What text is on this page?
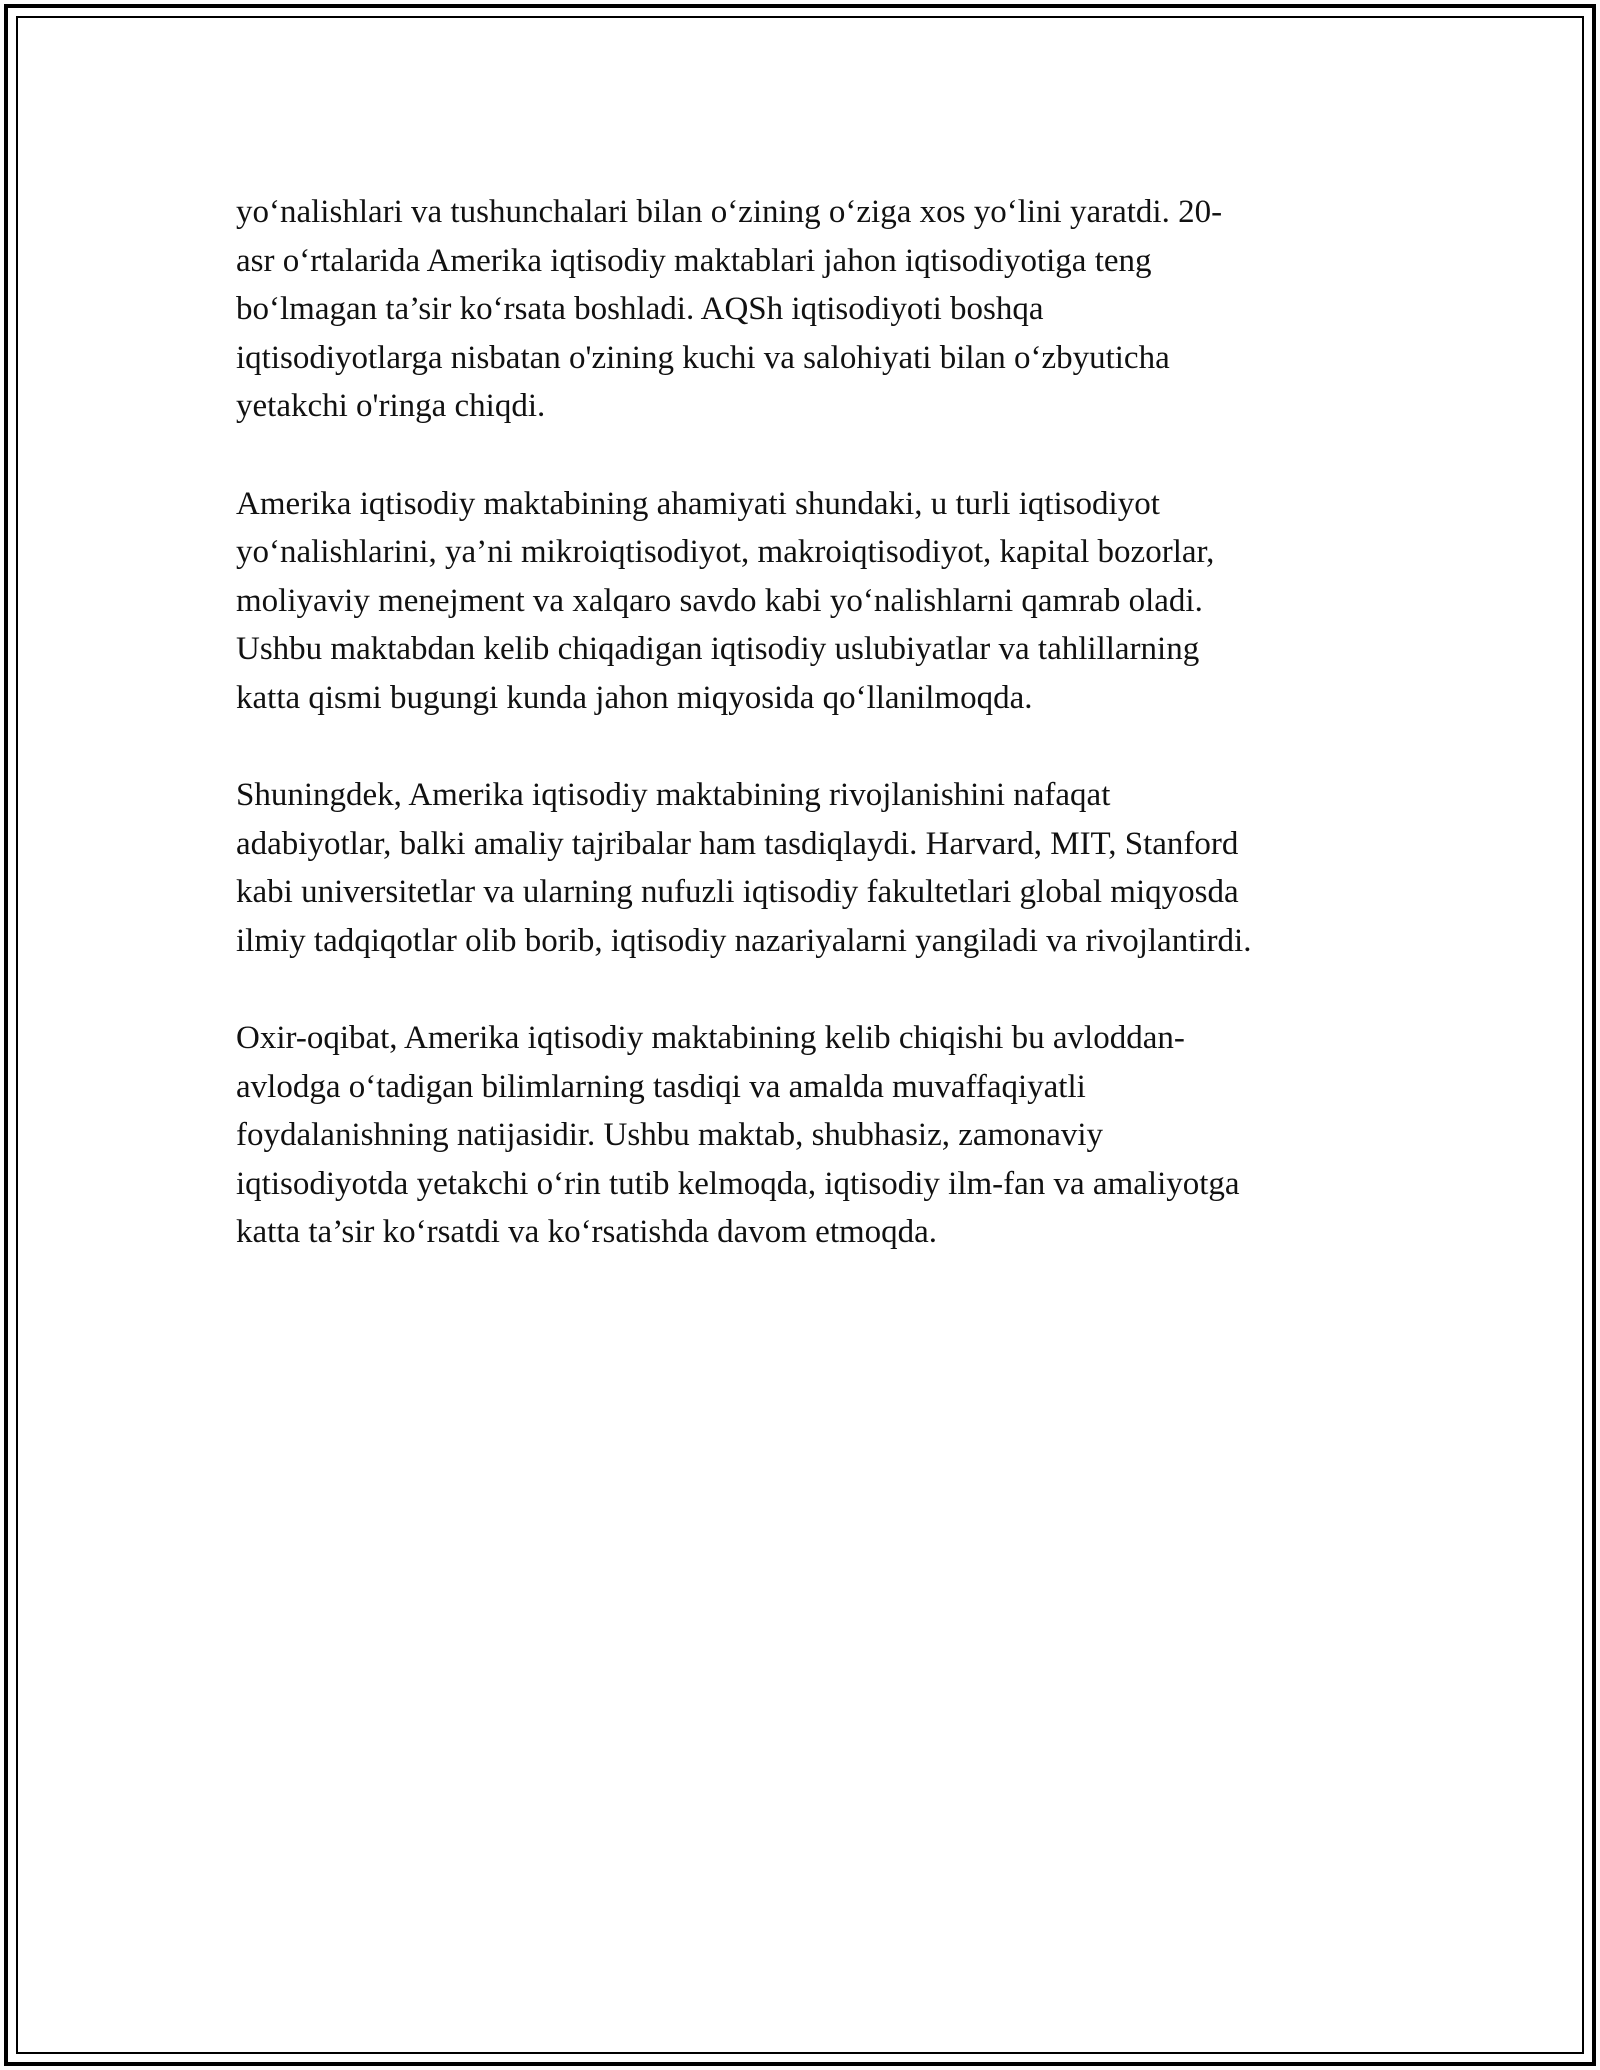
yo‘nalishlari va tushunchalari bilan o‘zining o‘ziga xos yo‘lini yaratdi. 20-
asr o‘rtalarida Amerika iqtisodiy maktablari jahon iqtisodiyotiga teng
bo‘lmagan ta’sir ko‘rsata boshladi. AQSh iqtisodiyoti boshqa
iqtisodiyotlarga nisbatan o'zining kuchi va salohiyati bilan o‘zbyuticha
yetakchi o'ringa chiqdi.

Amerika iqtisodiy maktabining ahamiyati shundaki, u turli iqtisodiyot
yo‘nalishlarini, ya’ni mikroiqtisodiyot, makroiqtisodiyot, kapital bozorlar,
moliyaviy menejment va xalqaro savdo kabi yo‘nalishlarni qamrab oladi.
Ushbu maktabdan kelib chiqadigan iqtisodiy uslubiyatlar va tahlillarning
katta qismi bugungi kunda jahon miqyosida qo‘llanilmoqda.

Shuningdek, Amerika iqtisodiy maktabining rivojlanishini nafaqat
adabiyotlar, balki amaliy tajribalar ham tasdiqlaydi. Harvard, MIT, Stanford
kabi universitetlar va ularning nufuzli iqtisodiy fakultetlari global miqyosda
ilmiy tadqiqotlar olib borib, iqtisodiy nazariyalarni yangiladi va rivojlantirdi.

Oxir-oqibat, Amerika iqtisodiy maktabining kelib chiqishi bu avloddan-
avlodga o‘tadigan bilimlarning tasdiqi va amalda muvaffaqiyatli
foydalanishning natijasidir. Ushbu maktab, shubhasiz, zamonaviy
iqtisodiyotda yetakchi o‘rin tutib kelmoqda, iqtisodiy ilm-fan va amaliyotga
katta ta’sir ko‘rsatdi va ko‘rsatishda davom etmoqda.
